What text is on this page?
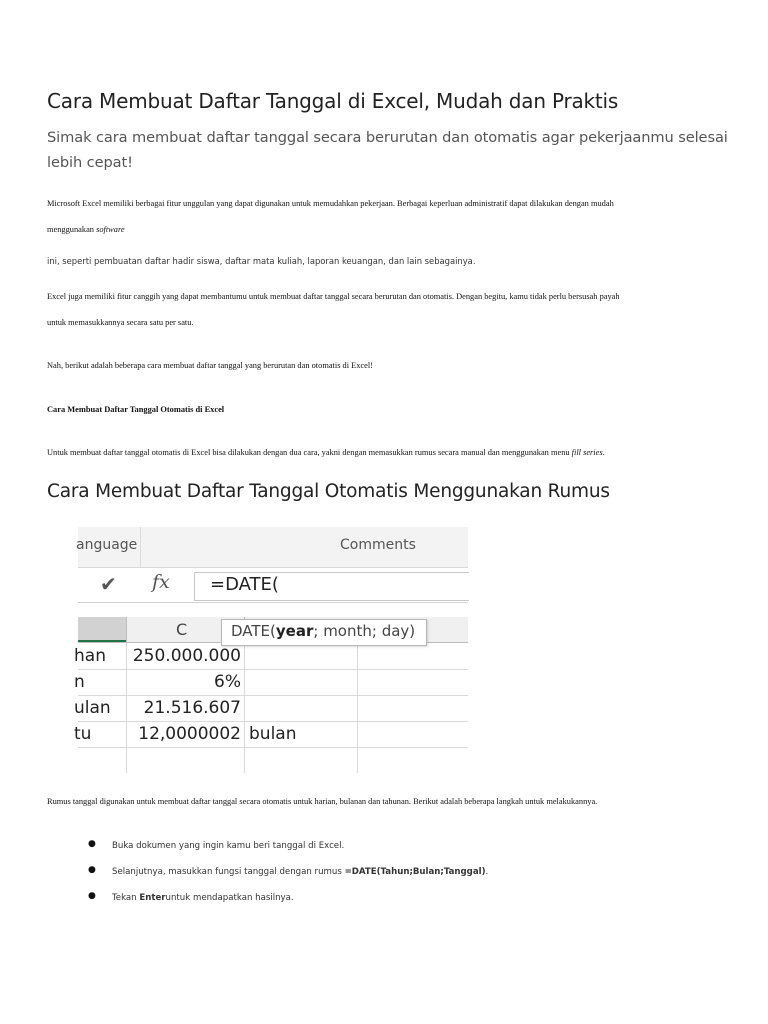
Cara Membuat Daftar Tanggal di Excel, Mudah dan Praktis
Simak cara membuat daftar tanggal secara berurutan dan otomatis agar pekerjaanmu selesai lebih cepat!
Microsoft Excel memiliki berbagai fitur unggulan yang dapat digunakan untuk memudahkan pekerjaan. Berbagai keperluan administratif dapat dilakukan dengan mudah
menggunakan software
ini, seperti pembuatan daftar hadir siswa, daftar mata kuliah, laporan keuangan, dan lain sebagainya.
Excel juga memiliki fitur canggih yang dapat membantumu untuk membuat daftar tanggal secara berurutan dan otomatis. Dengan begitu, kamu tidak perlu bersusah payah
untuk memasukkannya secara satu per satu.
Nah, berikut adalah beberapa cara membuat daftar tanggal yang berurutan dan otomatis di Excel!
Cara Membuat Daftar Tanggal Otomatis di Excel
Untuk membuat daftar tanggal otomatis di Excel bisa dilakukan dengan dua cara, yakni dengan memasukkan rumus secara manual dan menggunakan menu fill series.
Cara Membuat Daftar Tanggal Otomatis Menggunakan Rumus
anguage	Comments
✔ fx =DATE(
C
han 250.000.000
n	6%
ulan 21.516.607
tu	12,0000002 bulan
DATE(year; month; day)
Rumus tanggal digunakan untuk membuat daftar tanggal secara otomatis untuk harian, bulanan dan tahunan. Berikut adalah beberapa langkah untuk melakukannya.
● Buka dokumen yang ingin kamu beri tanggal di Excel.
● Selanjutnya, masukkan fungsi tanggal dengan rumus =DATE(Tahun;Bulan;Tanggal).
● Tekan Enteruntuk mendapatkan hasilnya.
